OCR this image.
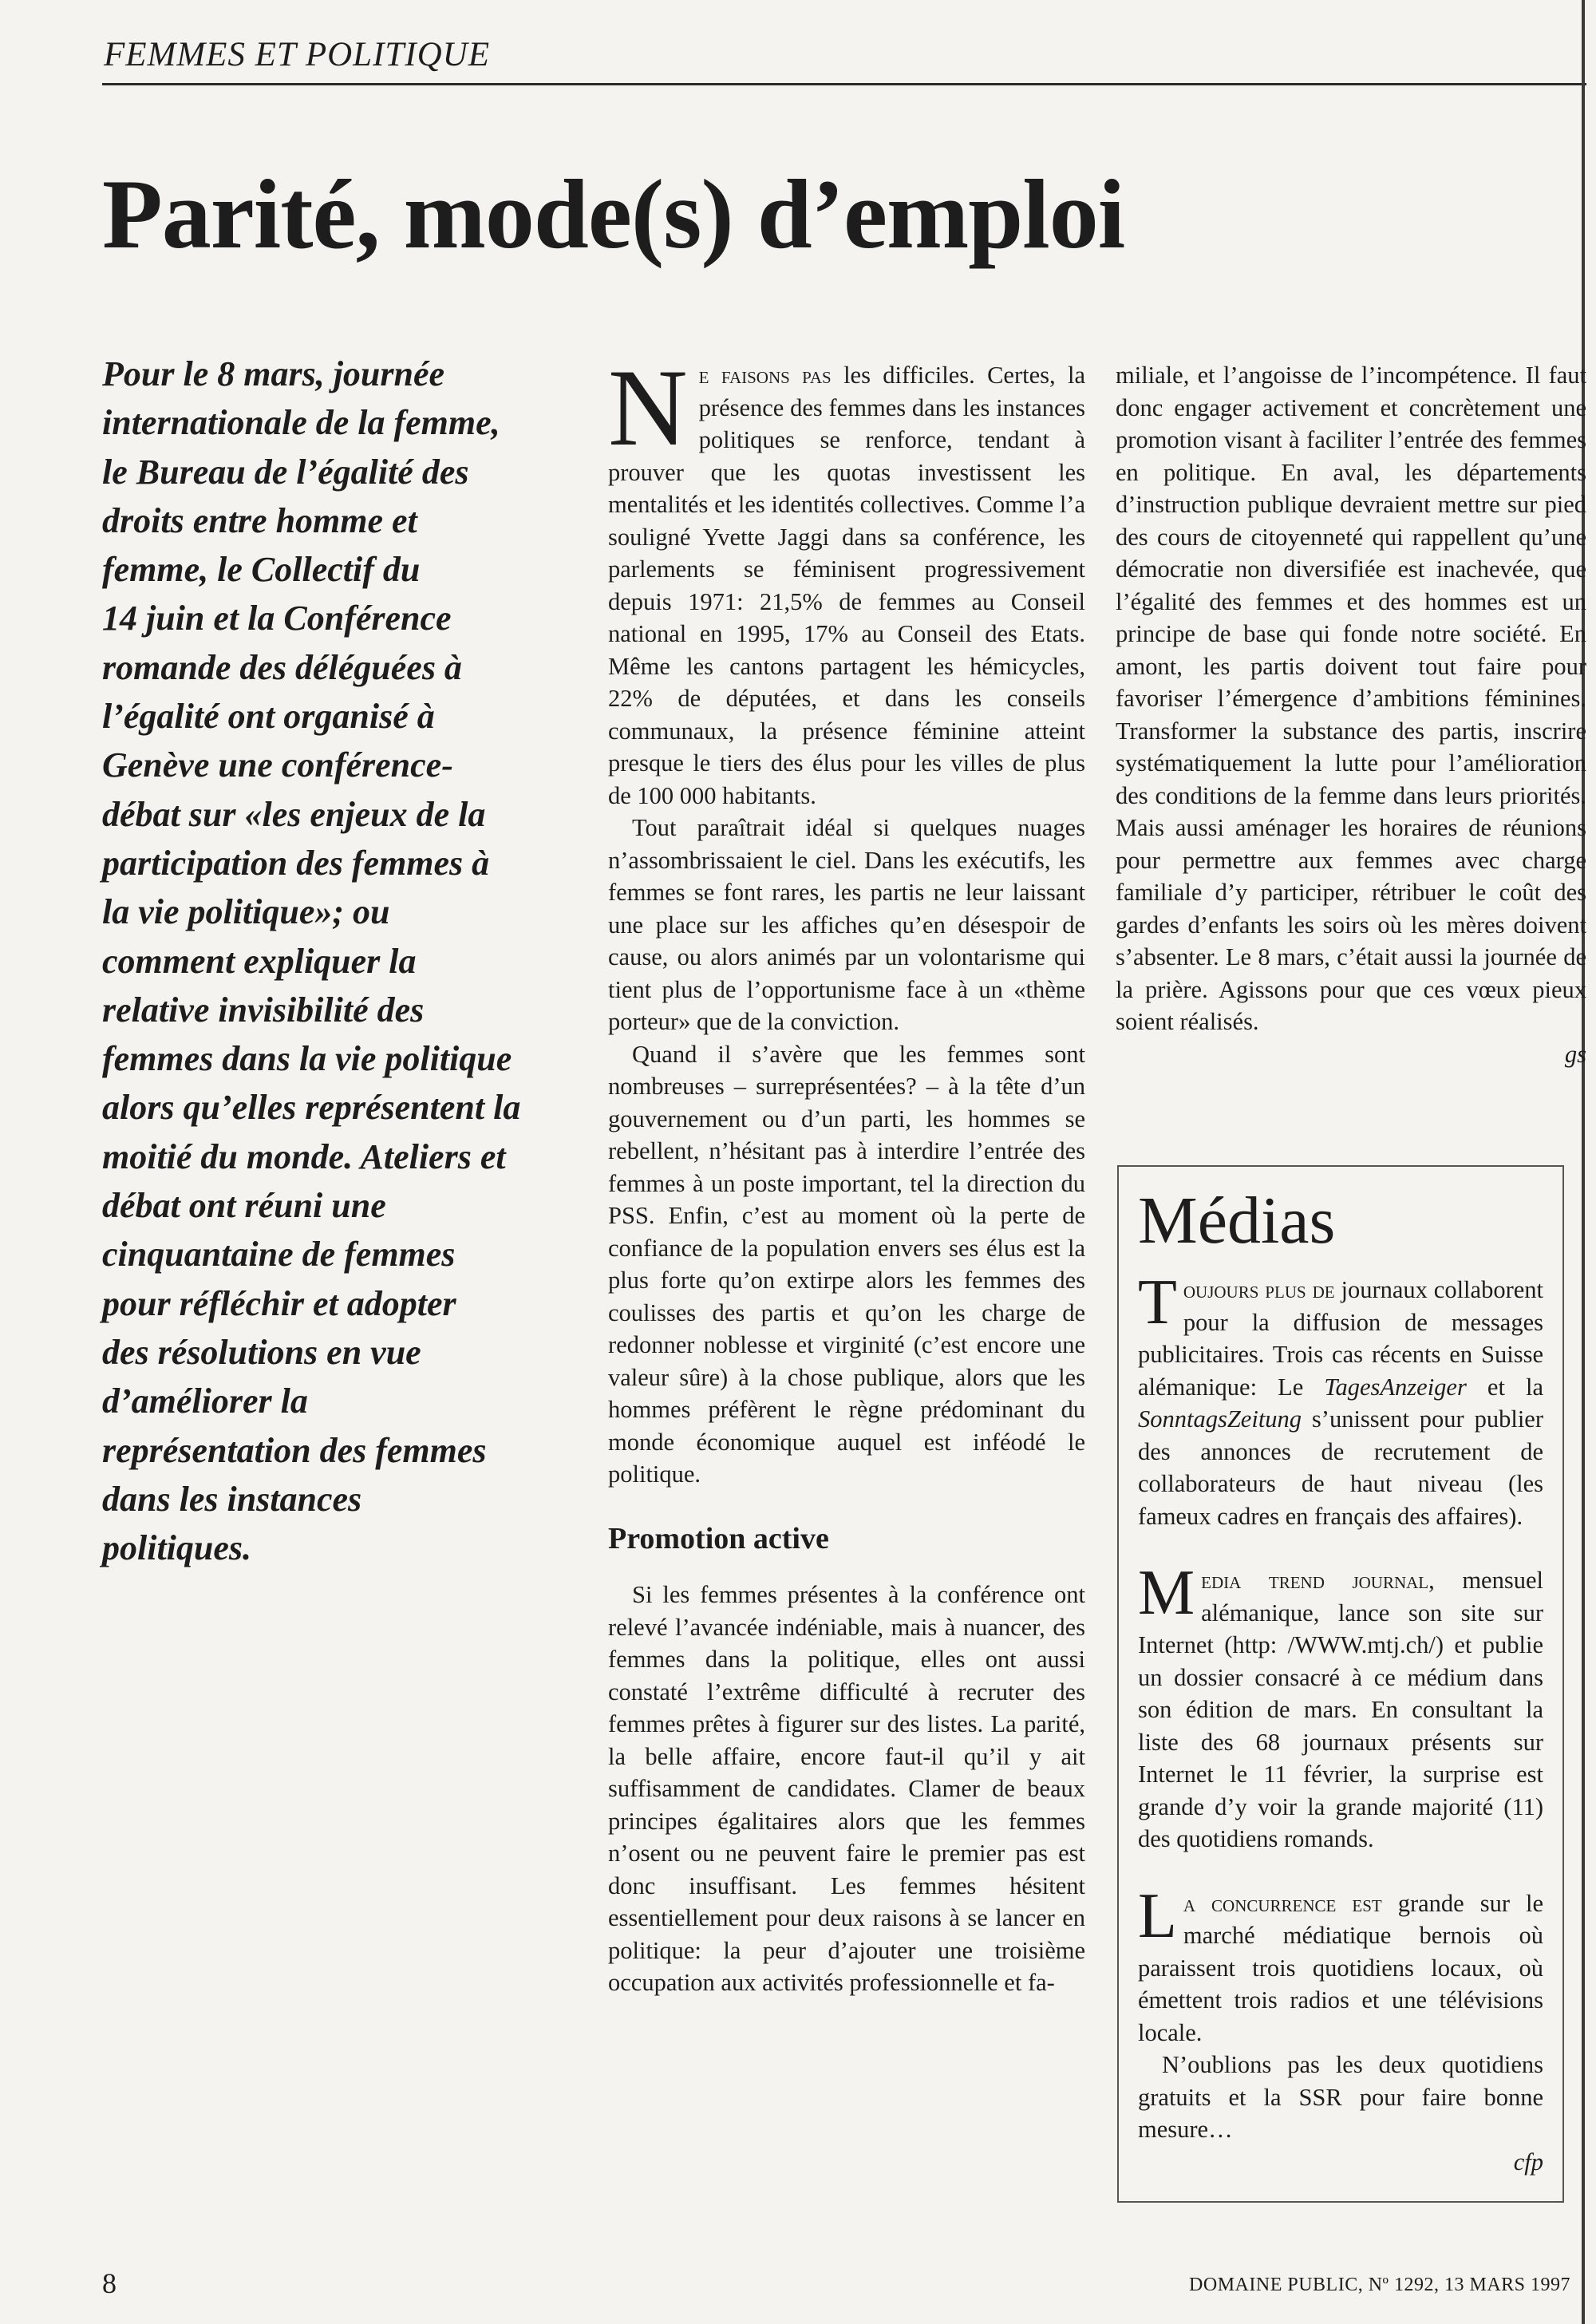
FEMMES ET POLITIQUE
Parité, mode(s) d’emploi
Pour le 8 mars, journée
internationale de la femme,
le Bureau de l’égalité des
droits entre homme et
femme, le Collectif du
14 juin et la Conférence
romande des déléguées à
l’égalité ont organisé à
Genève une conférence-
débat sur «les enjeux de la
participation des femmes à
la vie politique»; ou
comment expliquer la
relative invisibilité des
femmes dans la vie politique
alors qu’elles représentent la
moitié du monde. Ateliers et
débat ont réuni une
cinquantaine de femmes
pour réfléchir et adopter
des résolutions en vue
d’améliorer la
représentation des femmes
dans les instances
politiques.

Ne faisons pas les difficiles. Certes, la présence des femmes dans les instances politiques se renforce, tendant à prouver que les quotas investissent les mentalités et les identités collectives. Comme l’a souligné Yvette Jaggi dans sa conférence, les parlements se féminisent progressivement depuis 1971: 21,5% de femmes au Conseil national en 1995, 17% au Conseil des Etats. Même les cantons partagent les hémicycles, 22% de députées, et dans les conseils communaux, la présence féminine atteint presque le tiers des élus pour les villes de plus de 100 000 habitants.

Tout paraîtrait idéal si quelques nuages n’assombrissaient le ciel. Dans les exécutifs, les femmes se font rares, les partis ne leur laissant une place sur les affiches qu’en désespoir de cause, ou alors animés par un volontarisme qui tient plus de l’opportunisme face à un «thème porteur» que de la conviction.

Quand il s’avère que les femmes sont nombreuses – surreprésentées? – à la tête d’un gouvernement ou d’un parti, les hommes se rebellent, n’hésitant pas à interdire l’entrée des femmes à un poste important, tel la direction du PSS. Enfin, c’est au moment où la perte de confiance de la population envers ses élus est la plus forte qu’on extirpe alors les femmes des coulisses des partis et qu’on les charge de redonner noblesse et virginité (c’est encore une valeur sûre) à la chose publique, alors que les hommes préfèrent le règne prédominant du monde économique auquel est inféodé le politique.

Promotion active

Si les femmes présentes à la conférence ont relevé l’avancée indéniable, mais à nuancer, des femmes dans la politique, elles ont aussi constaté l’extrême difficulté à recruter des femmes prêtes à figurer sur des listes. La parité, la belle affaire, encore faut-il qu’il y ait suffisamment de candidates. Clamer de beaux principes égalitaires alors que les femmes n’osent ou ne peuvent faire le premier pas est donc insuffisant. Les femmes hésitent essentiellement pour deux raisons à se lancer en politique: la peur d’ajouter une troisième occupation aux activités professionnelle et fa-

miliale, et l’angoisse de l’incompétence. Il faut donc engager activement et concrètement une promotion visant à faciliter l’entrée des femmes en politique. En aval, les départements d’instruction publique devraient mettre sur pied des cours de citoyenneté qui rappellent qu’une démocratie non diversifiée est inachevée, que l’égalité des femmes et des hommes est un principe de base qui fonde notre société. En amont, les partis doivent tout faire pour favoriser l’émergence d’ambitions féminines. Transformer la substance des partis, inscrire systématiquement la lutte pour l’amélioration des conditions de la femme dans leurs priorités. Mais aussi aménager les horaires de réunions pour permettre aux femmes avec charge familiale d’y participer, rétribuer le coût des gardes d’enfants les soirs où les mères doivent s’absenter. Le 8 mars, c’était aussi la journée de la prière. Agissons pour que ces vœux pieux soient réalisés.

gs

Médias

Toujours plus de journaux collaborent pour la diffusion de messages publicitaires. Trois cas récents en Suisse alémanique: Le TagesAnzeiger et la SonntagsZeitung s’unissent pour publier des annonces de recrutement de collaborateurs de haut niveau (les fameux cadres en français des affaires).

Media trend journal, mensuel alémanique, lance son site sur Internet (http: /WWW.mtj.ch/) et publie un dossier consacré à ce médium dans son édition de mars. En consultant la liste des 68 journaux présents sur Internet le 11 février, la surprise est grande d’y voir la grande majorité (11) des quotidiens romands.

La concurrence est grande sur le marché médiatique bernois où paraissent trois quotidiens locaux, où émettent trois radios et une télévisions locale.

N’oublions pas les deux quotidiens gratuits et la SSR pour faire bonne mesure…

cfp

8	DOMAINE PUBLIC, Nº 1292, 13 MARS 1997
